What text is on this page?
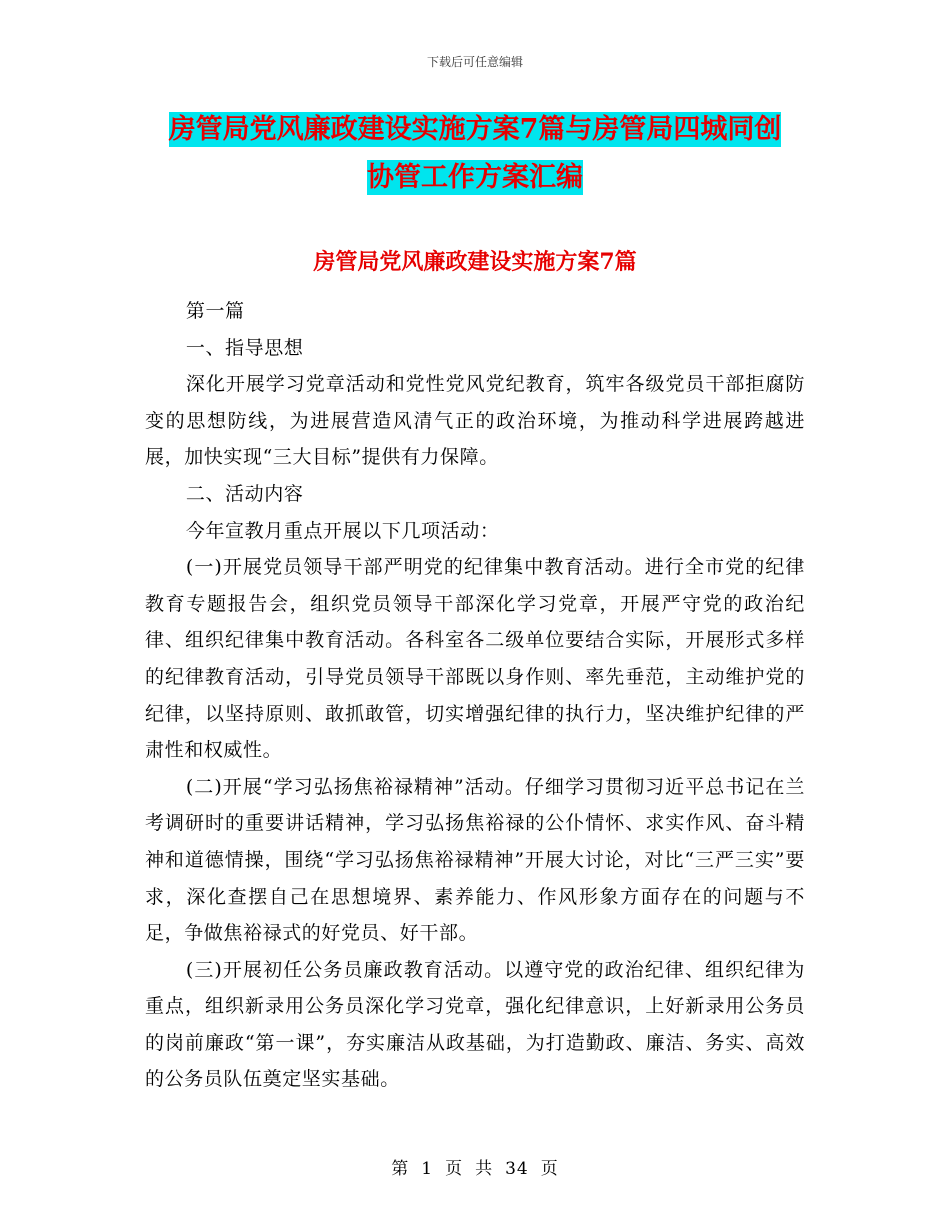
下载后可任意编辑
房管局党风廉政建设实施方案7篇与房管局四城同创
协管工作方案汇编
房管局党风廉政建设实施方案7篇

第一篇

一、指导思想

深化开展学习党章活动和党性党风党纪教育，筑牢各级党员干部拒腐防变的思想防线，为进展营造风清气正的政治环境，为推动科学进展跨越进展，加快实现“三大目标”提供有力保障。

二、活动内容

今年宣教月重点开展以下几项活动：

(一)开展党员领导干部严明党的纪律集中教育活动。进行全市党的纪律教育专题报告会，组织党员领导干部深化学习党章，开展严守党的政治纪律、组织纪律集中教育活动。各科室各二级单位要结合实际，开展形式多样的纪律教育活动，引导党员领导干部既以身作则、率先垂范，主动维护党的纪律，以坚持原则、敢抓敢管，切实增强纪律的执行力，坚决维护纪律的严肃性和权威性。

(二)开展“学习弘扬焦裕禄精神”活动。仔细学习贯彻习近平总书记在兰考调研时的重要讲话精神，学习弘扬焦裕禄的公仆情怀、求实作风、奋斗精神和道德情操，围绕“学习弘扬焦裕禄精神”开展大讨论，对比“三严三实”要求，深化查摆自己在思想境界、素养能力、作风形象方面存在的问题与不足，争做焦裕禄式的好党员、好干部。

(三)开展初任公务员廉政教育活动。以遵守党的政治纪律、组织纪律为重点，组织新录用公务员深化学习党章，强化纪律意识，上好新录用公务员的岗前廉政“第一课”，夯实廉洁从政基础，为打造勤政、廉洁、务实、高效的公务员队伍奠定坚实基础。

第 1 页 共 34 页
